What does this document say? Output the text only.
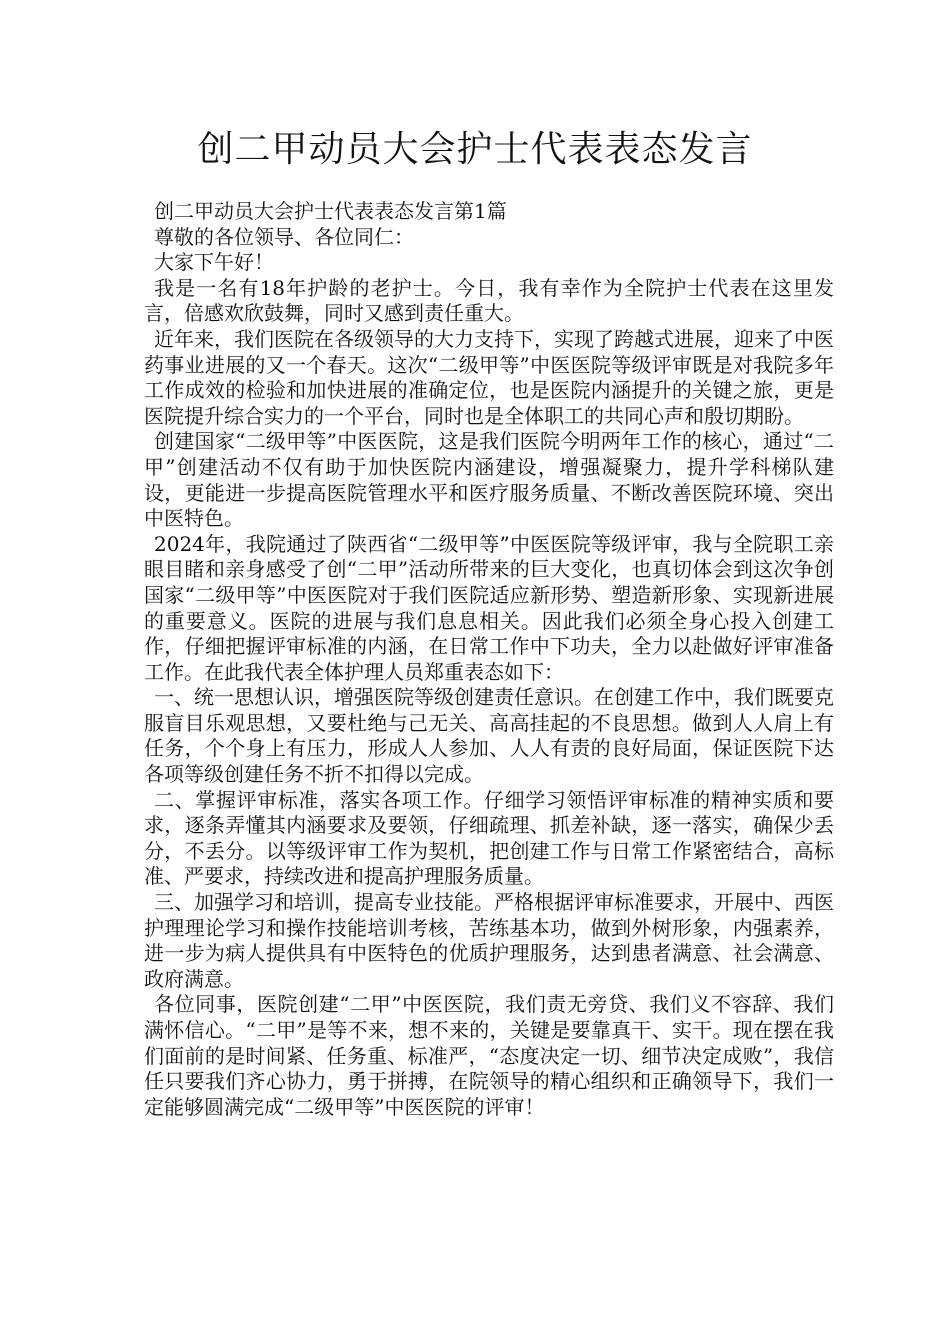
创二甲动员大会护士代表表态发言

创二甲动员大会护士代表表态发言第1篇

尊敬的各位领导、各位同仁：

大家下午好！

我是一名有18年护龄的老护士。今日，我有幸作为全院护士代表在这里发言，倍感欢欣鼓舞，同时又感到责任重大。

近年来，我们医院在各级领导的大力支持下，实现了跨越式进展，迎来了中医药事业进展的又一个春天。这次“二级甲等”中医医院等级评审既是对我院多年工作成效的检验和加快进展的准确定位，也是医院内涵提升的关键之旅，更是医院提升综合实力的一个平台，同时也是全体职工的共同心声和殷切期盼。

创建国家“二级甲等”中医医院，这是我们医院今明两年工作的核心，通过“二甲”创建活动不仅有助于加快医院内涵建设，增强凝聚力，提升学科梯队建设，更能进一步提高医院管理水平和医疗服务质量、不断改善医院环境、突出中医特色。

2024年，我院通过了陕西省“二级甲等”中医医院等级评审，我与全院职工亲眼目睹和亲身感受了创“二甲”活动所带来的巨大变化，也真切体会到这次争创国家“二级甲等”中医医院对于我们医院适应新形势、塑造新形象、实现新进展的重要意义。医院的进展与我们息息相关。因此我们必须全身心投入创建工作，仔细把握评审标准的内涵，在日常工作中下功夫，全力以赴做好评审准备工作。在此我代表全体护理人员郑重表态如下：

一、统一思想认识，增强医院等级创建责任意识。在创建工作中，我们既要克服盲目乐观思想，又要杜绝与己无关、高高挂起的不良思想。做到人人肩上有任务，个个身上有压力，形成人人参加、人人有责的良好局面，保证医院下达各项等级创建任务不折不扣得以完成。

二、掌握评审标准，落实各项工作。仔细学习领悟评审标准的精神实质和要求，逐条弄懂其内涵要求及要领，仔细疏理、抓差补缺，逐一落实，确保少丢分，不丢分。以等级评审工作为契机，把创建工作与日常工作紧密结合，高标准、严要求，持续改进和提高护理服务质量。

三、加强学习和培训，提高专业技能。严格根据评审标准要求，开展中、西医护理理论学习和操作技能培训考核，苦练基本功，做到外树形象，内强素养，进一步为病人提供具有中医特色的优质护理服务，达到患者满意、社会满意、政府满意。

各位同事，医院创建“二甲”中医医院，我们责无旁贷、我们义不容辞、我们满怀信心。“二甲”是等不来，想不来的，关键是要靠真干、实干。现在摆在我们面前的是时间紧、任务重、标准严，“态度决定一切、细节决定成败”，我信任只要我们齐心协力，勇于拼搏，在院领导的精心组织和正确领导下，我们一定能够圆满完成“二级甲等”中医医院的评审！
